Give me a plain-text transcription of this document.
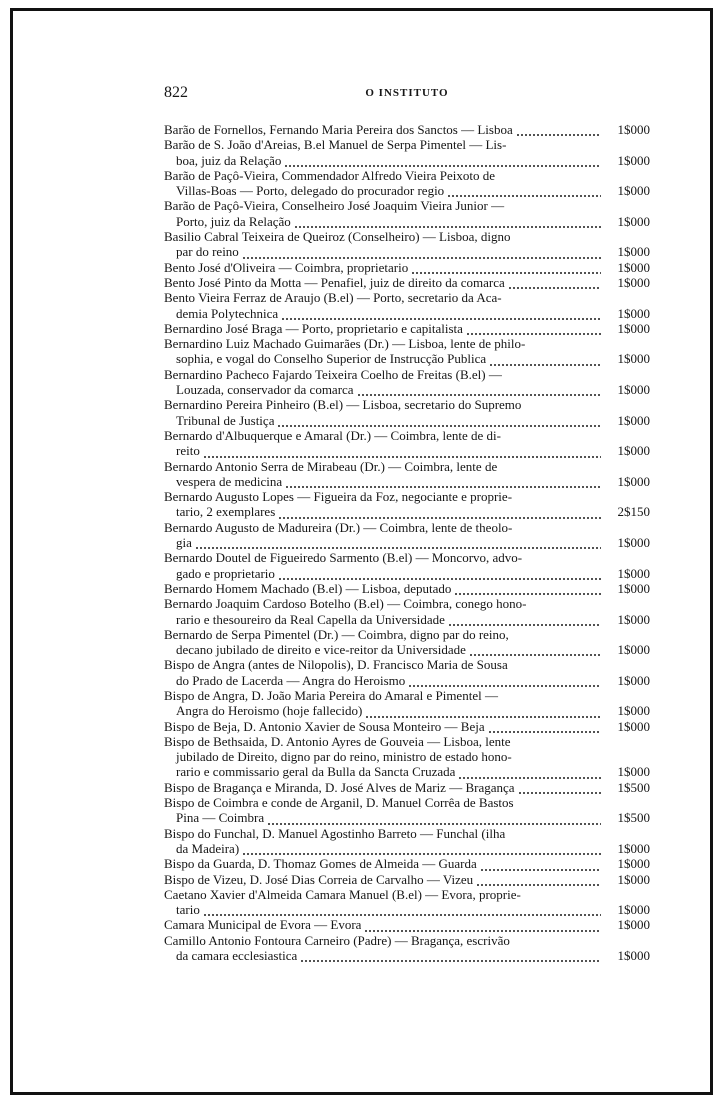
822	O INSTITUTO
Barão de Fornellos, Fernando Maria Pereira dos Sanctos — Lisboa	1$000
Barão de S. João d'Areias, B.el Manuel de Serpa Pimentel — Lis-
boa, juiz da Relação	1$000
Barão de Paçô-Vieira, Commendador Alfredo Vieira Peixoto de
Villas-Boas — Porto, delegado do procurador regio	1$000
Barão de Paçô-Vieira, Conselheiro José Joaquim Vieira Junior —
Porto, juiz da Relação	1$000
Basilio Cabral Teixeira de Queiroz (Conselheiro) — Lisboa, digno
par do reino	1$000
Bento José d'Oliveira — Coimbra, proprietario	1$000
Bento José Pinto da Motta — Penafiel, juiz de direito da comarca	1$000
Bento Vieira Ferraz de Araujo (B.el) — Porto, secretario da Aca-
demia Polytechnica	1$000
Bernardino José Braga — Porto, proprietario e capitalista	1$000
Bernardino Luiz Machado Guimarães (Dr.) — Lisboa, lente de philo-
sophia, e vogal do Conselho Superior de Instrucção Publica	1$000
Bernardino Pacheco Fajardo Teixeira Coelho de Freitas (B.el) —
Louzada, conservador da comarca	1$000
Bernardino Pereira Pinheiro (B.el) — Lisboa, secretario do Supremo
Tribunal de Justiça	1$000
Bernardo d'Albuquerque e Amaral (Dr.) — Coimbra, lente de di-
reito	1$000
Bernardo Antonio Serra de Mirabeau (Dr.) — Coimbra, lente de
vespera de medicina	1$000
Bernardo Augusto Lopes — Figueira da Foz, negociante e proprie-
tario, 2 exemplares	2$150
Bernardo Augusto de Madureira (Dr.) — Coimbra, lente de theolo-
gia	1$000
Bernardo Doutel de Figueiredo Sarmento (B.el) — Moncorvo, advo-
gado e proprietario	1$000
Bernardo Homem Machado (B.el) — Lisboa, deputado	1$000
Bernardo Joaquim Cardoso Botelho (B.el) — Coimbra, conego hono-
rario e thesoureiro da Real Capella da Universidade	1$000
Bernardo de Serpa Pimentel (Dr.) — Coimbra, digno par do reino,
decano jubilado de direito e vice-reitor da Universidade	1$000
Bispo de Angra (antes de Nilopolis), D. Francisco Maria de Sousa
do Prado de Lacerda — Angra do Heroismo	1$000
Bispo de Angra, D. João Maria Pereira do Amaral e Pimentel —
Angra do Heroismo (hoje fallecido)	1$000
Bispo de Beja, D. Antonio Xavier de Sousa Monteiro — Beja	1$000
Bispo de Bethsaida, D. Antonio Ayres de Gouveia — Lisboa, lente
jubilado de Direito, digno par do reino, ministro de estado hono-
rario e commissario geral da Bulla da Sancta Cruzada	1$000
Bispo de Bragança e Miranda, D. José Alves de Mariz — Bragança	1$500
Bispo de Coimbra e conde de Arganil, D. Manuel Corrêa de Bastos
Pina — Coimbra	1$500
Bispo do Funchal, D. Manuel Agostinho Barreto — Funchal (ilha
da Madeira)	1$000
Bispo da Guarda, D. Thomaz Gomes de Almeida — Guarda	1$000
Bispo de Vizeu, D. José Dias Correia de Carvalho — Vizeu	1$000
Caetano Xavier d'Almeida Camara Manuel (B.el) — Evora, proprie-
tario	1$000
Camara Municipal de Evora — Evora	1$000
Camillo Antonio Fontoura Carneiro (Padre) — Bragança, escrivão
da camara ecclesiastica	1$000
